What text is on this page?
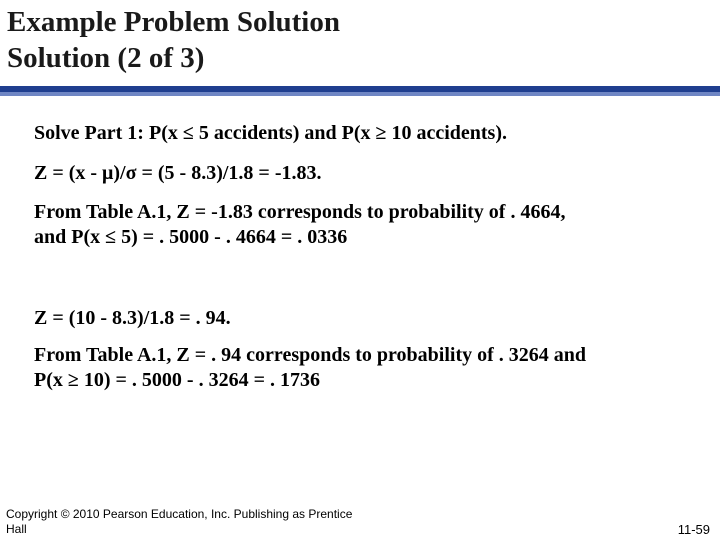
Example Problem Solution
Solution (2 of 3)
Solve Part 1: P(x ≤ 5 accidents) and P(x ≥ 10 accidents).
Z = (x - μ)/σ = (5 - 8.3)/1.8 = -1.83.
From Table A.1, Z = -1.83 corresponds to probability of . 4664,
and P(x ≤ 5) = . 5000 - . 4664 = . 0336
Z = (10 - 8.3)/1.8 = . 94.
From Table A.1, Z = . 94 corresponds to probability of . 3264 and
P(x ≥ 10) = . 5000 - . 3264 = . 1736
Copyright © 2010 Pearson Education, Inc. Publishing as Prentice
Hall	11-59
